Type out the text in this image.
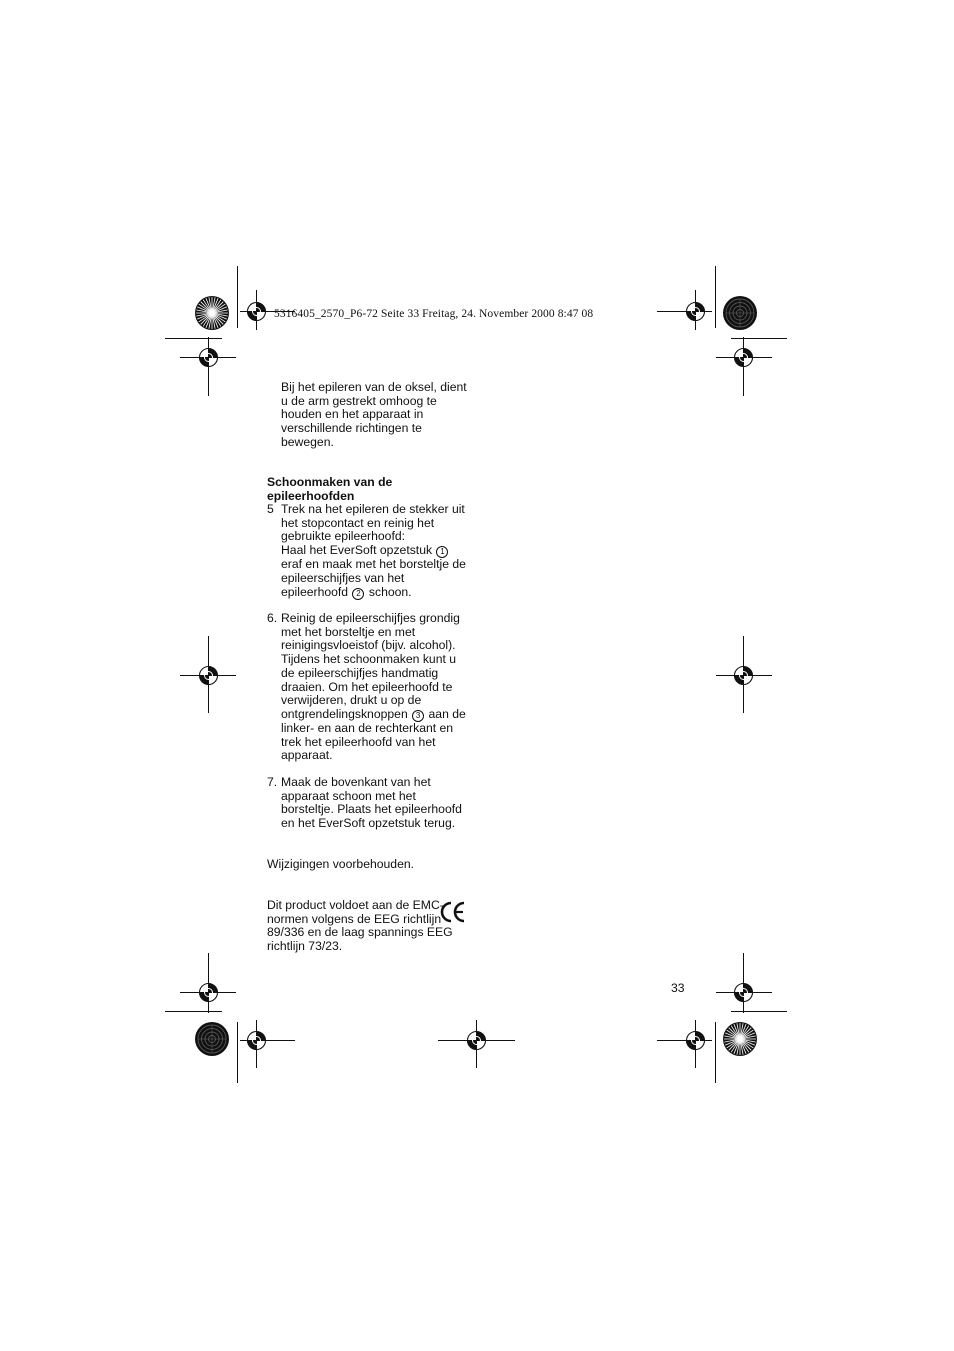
5316405_2570_P6-72 Seite 33 Freitag, 24. November 2000 8:47 08
Bij het epileren van de oksel, dient u de arm gestrekt omhoog te houden en het apparaat in verschillende richtingen te bewegen.
Schoonmaken van de epileerhoofden
5 Trek na het epileren de stekker uit het stopcontact en reinig het gebruikte epileerhoofd:
Haal het EverSoft opzetstuk 1 eraf en maak met het borsteltje de epileerschijfjes van het epileerhoofd 2 schoon.
6. Reinig de epileerschijfjes grondig met het borsteltje en met reinigingsvloeistof (bijv. alcohol). Tijdens het schoonmaken kunt u de epileerschijfjes handmatig draaien. Om het epileerhoofd te verwijderen, drukt u op de ontgrendelingsknoppen 3 aan de linker- en aan de rechterkant en trek het epileerhoofd van het apparaat.
7. Maak de bovenkant van het apparaat schoon met het borsteltje. Plaats het epileerhoofd en het EverSoft opzetstuk terug.
Wijzigingen voorbehouden.
Dit product voldoet aan de EMC-normen volgens de EEG richtlijn 89/336 en de laag spannings EEG richtlijn 73/23.
33
